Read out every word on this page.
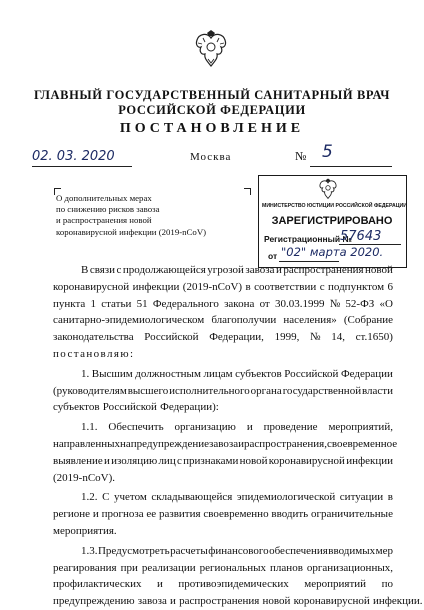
ГЛАВНЫЙ ГОСУДАРСТВЕННЫЙ САНИТАРНЫЙ ВРАЧ
РОССИЙСКОЙ ФЕДЕРАЦИИ
ПОСТАНОВЛЕНИЕ
02. 03. 2020	Москва	№ 5
О дополнительных мерах
по снижению рисков завоза
и распространения новой
коронавирусной инфекции (2019-nCoV)
МИНИСТЕРСТВО ЮСТИЦИИ РОССИЙСКОЙ ФЕДЕРАЦИИ
ЗАРЕГИСТРИРОВАНО
Регистрационный №
57643
от "02" марта 2020.
В связи с продолжающейся угрозой завоза и распространения новой
коронавирусной инфекции (2019-nCoV) в соответствии с подпунктом 6
пункта 1 статьи 51 Федерального закона от 30.03.1999 № 52-ФЗ «О
санитарно-эпидемиологическом благополучии населения» (Собрание
законодательства Российской Федерации, 1999, № 14, ст.1650)
постановляю:
1. Высшим должностным лицам субъектов Российской Федерации
(руководителям высшего исполнительного органа государственной власти
субъектов Российской Федерации):
1.1. Обеспечить организацию и проведение мероприятий,
направленных на предупреждение завоза и распространения, своевременное
выявление и изоляцию лиц с признаками новой коронавирусной инфекции
(2019-nCoV).
1.2. С учетом складывающейся эпидемиологической ситуации в
регионе и прогноза ее развития своевременно вводить ограничительные
мероприятия.
1.3. Предусмотреть расчеты финансового обеспечения вводимых мер
реагирования при реализации региональных планов организационных,
профилактических и противоэпидемических мероприятий по
предупреждению завоза и распространения новой коронавирусной инфекции.
